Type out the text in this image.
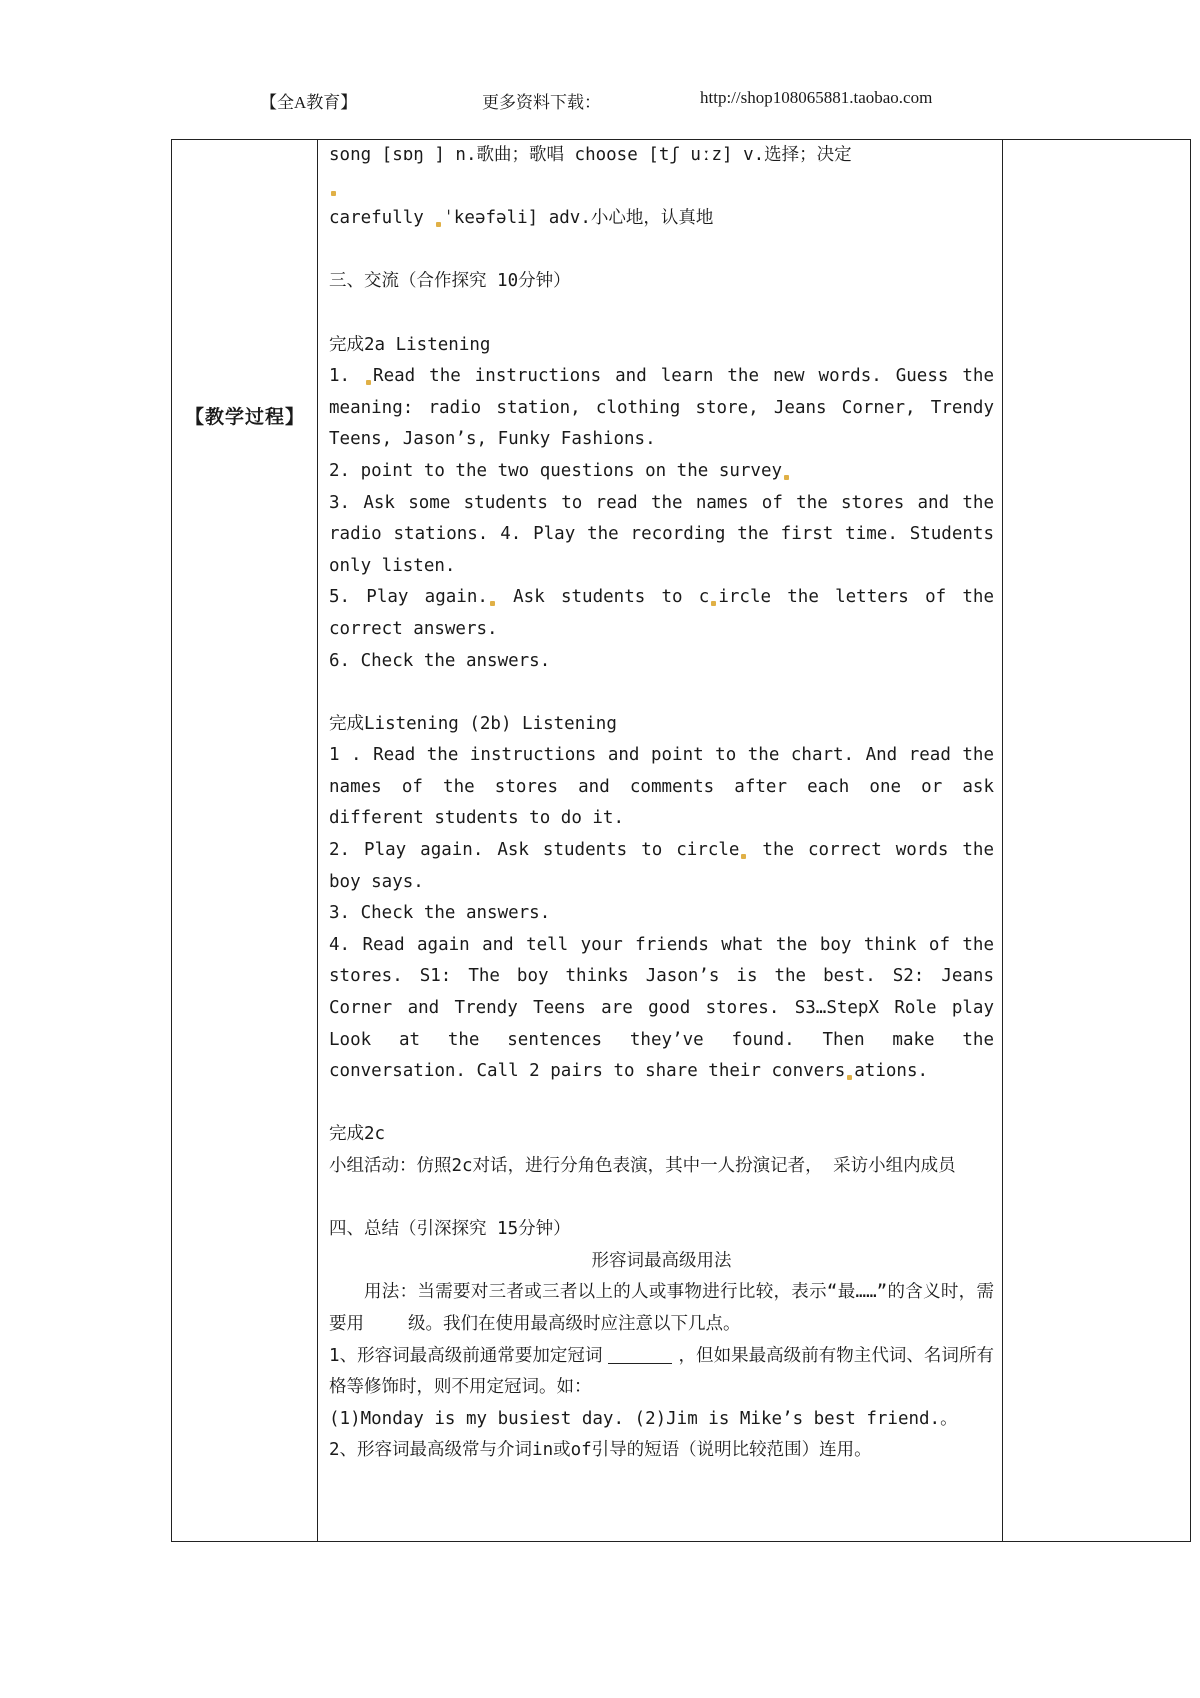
【全A教育】	更多资料下载：	http://shop108065881.taobao.com
【教学过程】

song [sɒŋ ] n.歌曲；歌唱 choose [tʃ uːz] v.选择；决定

carefully ˈkeəfəli] adv.小心地，认真地

三、交流（合作探究 10分钟）

完成2a Listening

1. Read the instructions and learn the new words. Guess the meaning: radio station, clothing store, Jeans Corner, Trendy Teens, Jason’s, Funky Fashions.

2. point to the two questions on the survey

3. Ask some students to read the names of the stores and the radio stations. 4. Play the recording the first time. Students only listen.

5. Play again. Ask students to c ircle the letters of the correct answers.

6. Check the answers.

完成Listening (2b) Listening

1 . Read the instructions and point to the chart. And read the names of the stores and comments after each one or ask different students to do it.

2. Play again. Ask students to circle the correct words the boy says.

3. Check the answers.

4. Read again and tell your friends what the boy think of the stores. S1: The boy thinks Jason’s is the best. S2: Jeans Corner and Trendy Teens are good stores. S3…StepX Role play Look at the sentences they’ve found. Then make the conversation. Call 2 pairs to share their convers ations.

完成2c

小组活动：仿照2c对话，进行分角色表演，其中一人扮演记者， 采访小组内成员

四、总结（引深探究 15分钟）

形容词最高级用法

用法：当需要对三者或三者以上的人或事物进行比较，表示“最……”的含义时，需要用	级。我们在使用最高级时应注意以下几点。

1、形容词最高级前通常要加定冠词	，但如果最高级前有物主代词、名词所有格等修饰时，则不用定冠词。如：

(1)Monday is my busiest day. (2)Jim is Mike’s best friend.。

2、形容词最高级常与介词in或of引导的短语（说明比较范围）连用。
